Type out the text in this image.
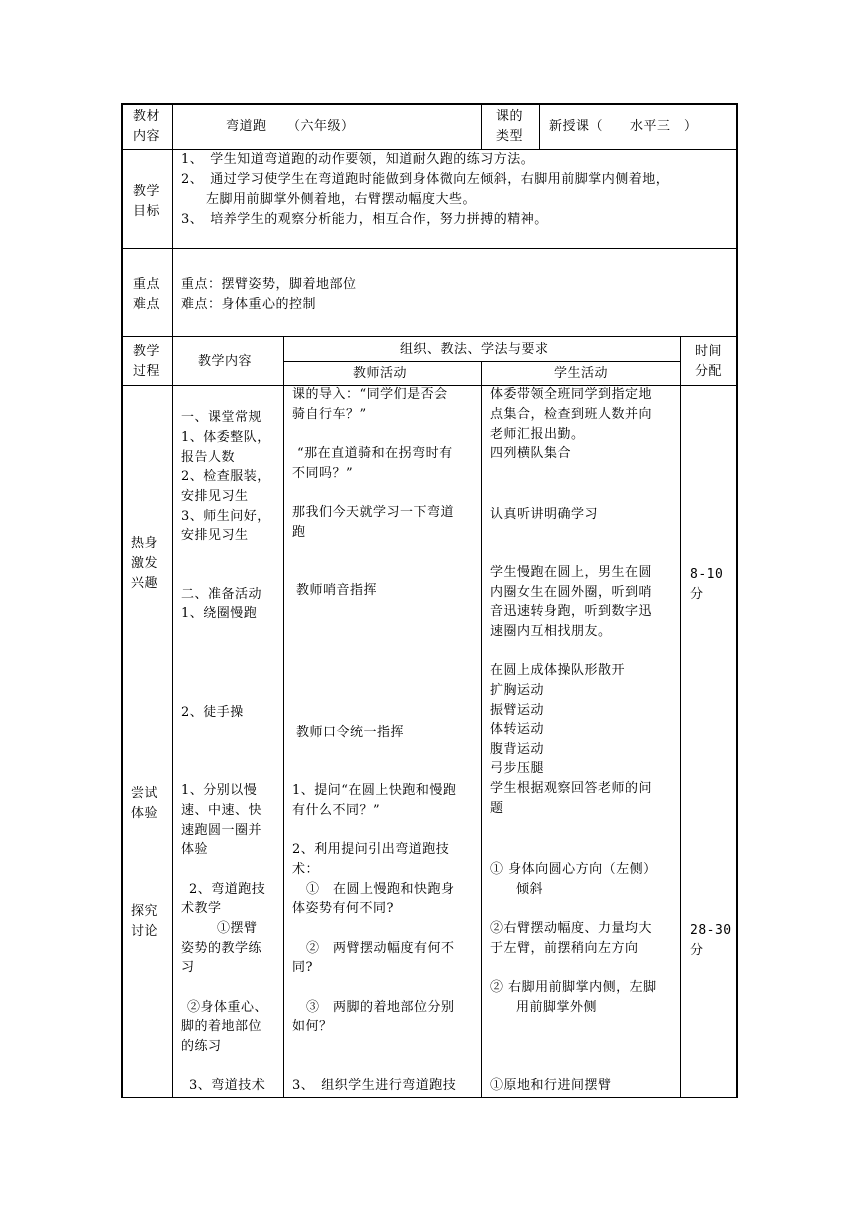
教材
内容
弯道跑　　（六年级）
课的
类型
新授课（　　水平三　）
教学
目标
1、　学生知道弯道跑的动作要领，知道耐久跑的练习方法。
2、　通过学习使学生在弯道跑时能做到身体微向左倾斜，右脚用前脚掌内侧着地，
左脚用前脚掌外侧着地，右臂摆动幅度大些。
3、　培养学生的观察分析能力，相互合作，努力拼搏的精神。
重点
难点
重点：摆臂姿势，脚着地部位
难点：身体重心的控制
教学
过程
教学内容
组织、教法、学法与要求
教师活动	学生活动
时间
分配
热身
激发
兴趣
尝试
体验
探究
讨论
一、课堂常规
1、体委整队，
报告人数
2、检查服装，
安排见习生
3、师生问好，
安排见习生
二、准备活动
1、绕圈慢跑
2、徒手操
1、分别以慢
速、中速、快
速跑圆一圈并
体验
2、弯道跑技
术教学
①摆臂
姿势的教学练
习
②身体重心、
脚的着地部位
的练习
3、弯道技术
课的导入：“同学们是否会
骑自行车？”
“那在直道骑和在拐弯时有
不同吗？”
那我们今天就学习一下弯道
跑
教师哨音指挥
教师口令统一指挥
1、提问“在圆上快跑和慢跑
有什么不同？”
2、利用提问引出弯道跑技
术：
①　在圆上慢跑和快跑身
体姿势有何不同?
②　两臂摆动幅度有何不
同?
③　两脚的着地部位分别
如何？
3、　组织学生进行弯道跑技
体委带领全班同学到指定地
点集合，检查到班人数并向
老师汇报出勤。
四列横队集合
认真听讲明确学习
学生慢跑在圆上，男生在圆
内圈女生在圆外圈，听到哨
音迅速转身跑，听到数字迅
速圈内互相找朋友。
在圆上成体操队形散开
扩胸运动
振臂运动
体转运动
腹背运动
弓步压腿
学生根据观察回答老师的问
题
① 身体向圆心方向（左侧）
倾斜
②右臂摆动幅度、力量均大
于左臂，前摆稍向左方向
② 右脚用前脚掌内侧，左脚
用前脚掌外侧
①原地和行进间摆臂
8-10
分
28-30
分
